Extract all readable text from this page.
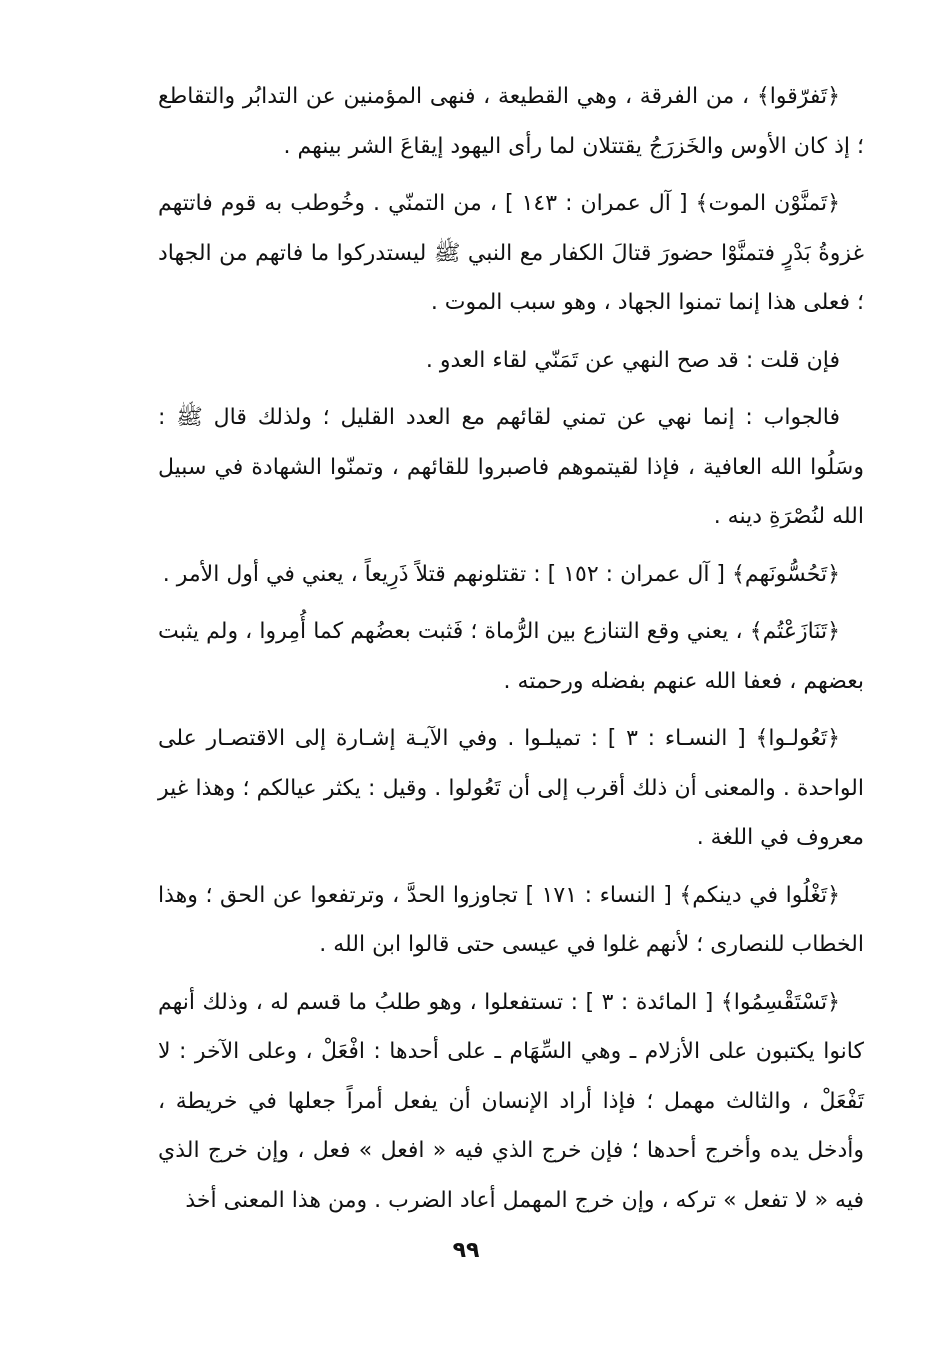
﴿تَفرّقوا﴾ ، من الفرقة ، وهي القطيعة ، فنهى المؤمنين عن التدابُر والتقاطع ؛ إذ كان الأوس والخَزرَجُ يقتتلان لما رأى اليهود إيقاعَ الشر بينهم .

﴿تَمنَّوْن الموت﴾ [ آل عمران : ١٤٣ ] ، من التمنّي . وخُوطب به قوم فاتتهم غزوةُ بَدْرٍ فتمنَّوْا حضورَ قتالَ الكفار مع النبي ﷺ ليستدركوا ما فاتهم من الجهاد ؛ فعلى هذا إنما تمنوا الجهاد ، وهو سبب الموت .

فإن قلت : قد صح النهي عن تَمَنّي لقاء العدو .

فالجواب : إنما نهي عن تمني لقائهم مع العدد القليل ؛ ولذلك قال ﷺ : وسَلُوا الله العافية ، فإذا لقيتموهم فاصبروا للقائهم ، وتمنّوا الشهادة في سبيل الله لنُصْرَةِ دينه .

﴿تَحُسُّونَهم﴾ [ آل عمران : ١٥٢ ] : تقتلونهم قتلاً ذَرِيعاً ، يعني في أول الأمر .

﴿تَنَازَعْتُم﴾ ، يعني وقع التنازع بين الرُّماة ؛ فَثبت بعضُهم كما أُمِروا ، ولم يثبت بعضهم ، فعفا الله عنهم بفضله ورحمته .

﴿تَعُولـوا﴾ [ النسـاء : ٣ ] : تميلـوا . وفي الآيـة إشـارة إلى الاقتصـار على الواحدة . والمعنى أن ذلك أقرب إلى أن تَعُولوا . وقيل : يكثر عيالكم ؛ وهذا غير معروف في اللغة .

﴿تَغْلُوا في دينكم﴾ [ النساء : ١٧١ ] تجاوزوا الحدَّ ، وترتفعوا عن الحق ؛ وهذا الخطاب للنصارى ؛ لأنهم غلوا في عيسى حتى قالوا ابن الله .

﴿تَسْتَقْسِمُوا﴾ [ المائدة : ٣ ] : تستفعلوا ، وهو طلبُ ما قسم له ، وذلك أنهم كانوا يكتبون على الأزلام ـ وهي السِّهَام ـ على أحدها : افْعَلْ ، وعلى الآخر : لا تَفْعَلْ ، والثالث مهمل ؛ فإذا أراد الإنسان أن يفعل أمراً جعلها في خريطة ، وأدخل يده وأخرج أحدها ؛ فإن خرج الذي فيه « افعل » فعل ، وإن خرج الذي فيه « لا تفعل » تركه ، وإن خرج المهمل أعاد الضرب . ومن هذا المعنى أخذ

٩٩
